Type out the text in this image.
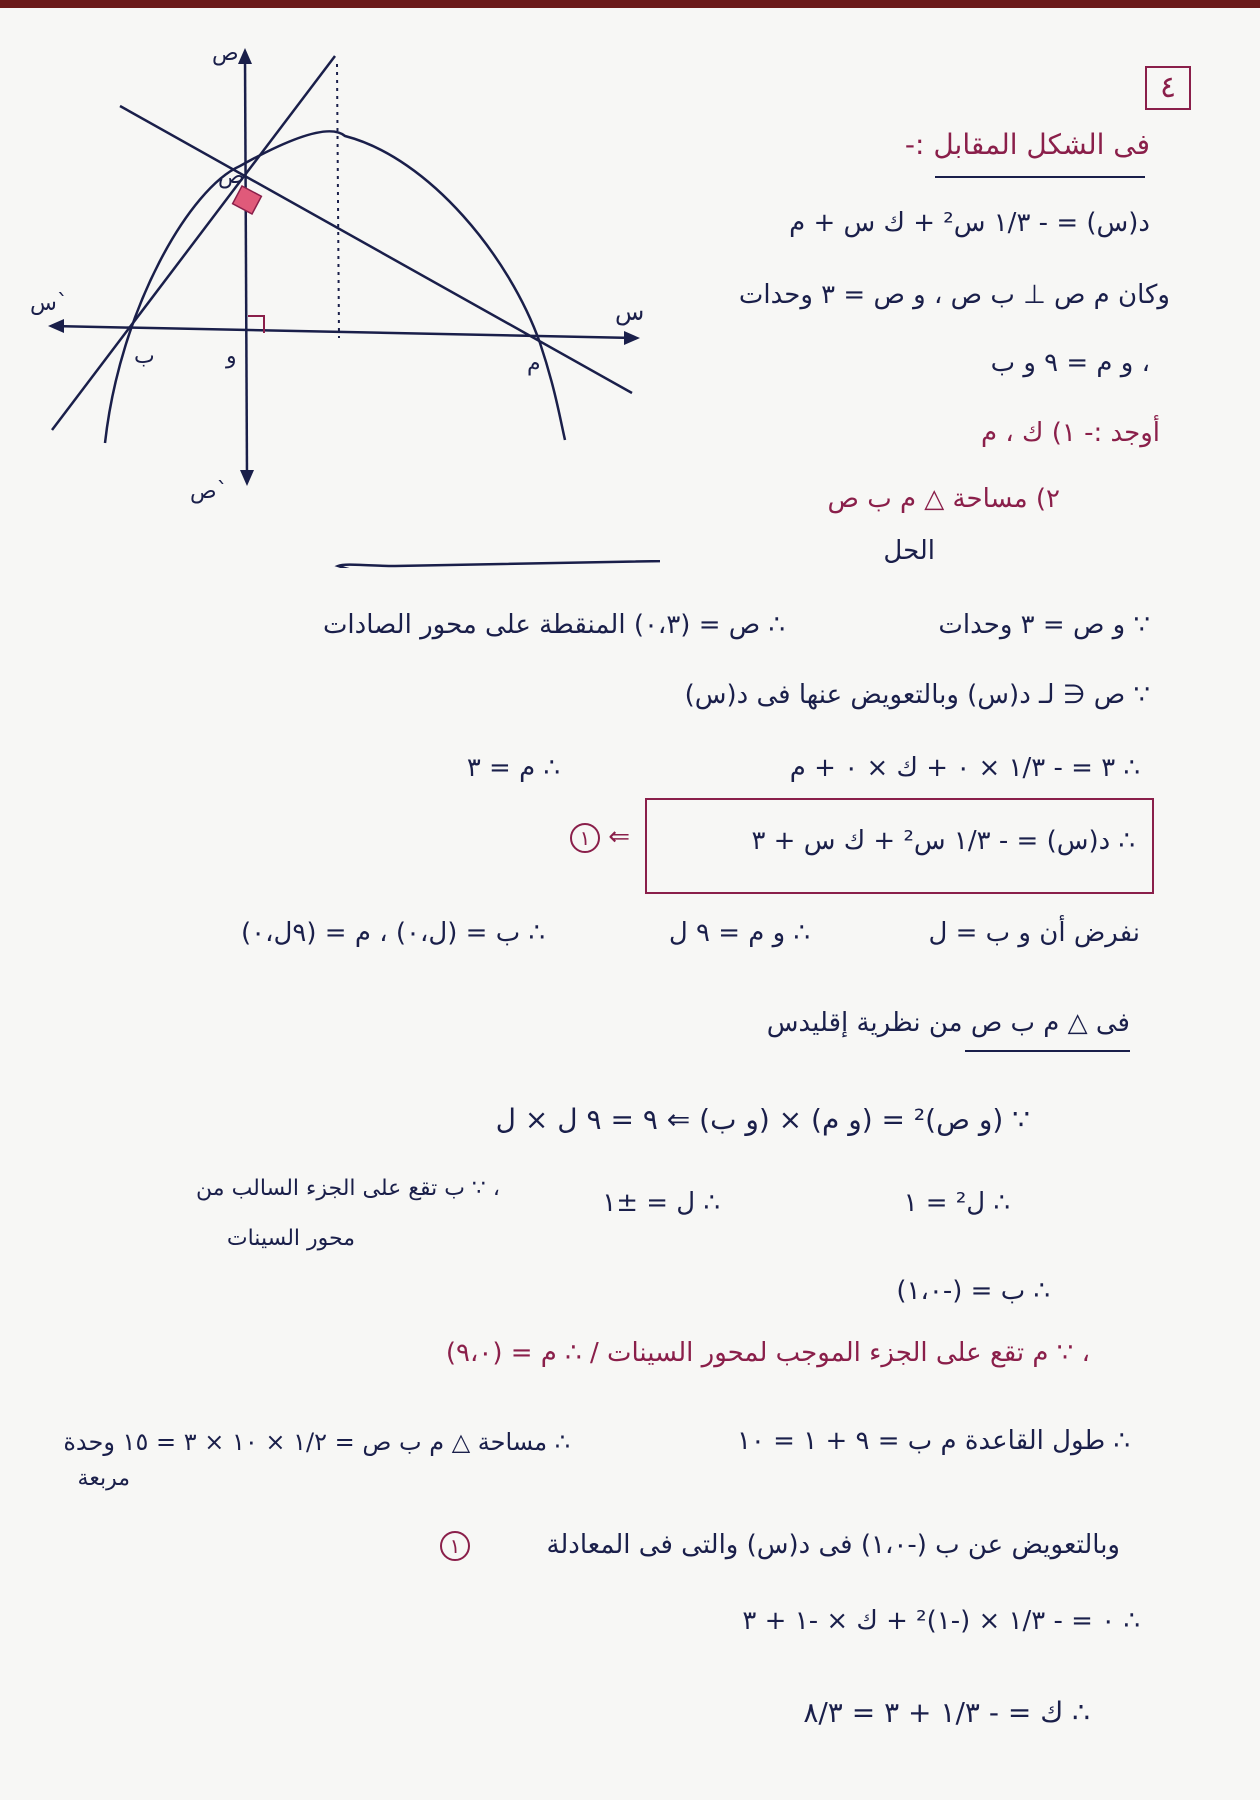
ص
ص`
س
س`
ص
ب	و	م
٤
فى الشكل المقابل :-
د(س) = - ١/٣ س² + ك س + م
وكان م ص ⊥ ب ص ، و ص = ٣ وحدات
، و م = ٩ و ب
أوجد :- ١) ك ، م
٢) مساحة △ م ب ص
الحل
∵ و ص = ٣ وحدات
∴ ص = (٠،٣) المنقطة على محور الصادات
∵ ص ∈ لـ د(س) وبالتعويض عنها فى د(س)
∴ ٣ = - ١/٣ × ٠ + ك × ٠ + م
∴ م = ٣
∴ د(س) = - ١/٣ س² + ك س + ٣
⇐ ١
نفرض أن و ب = ل
∴ و م = ٩ ل
∴ ب = (ل،٠) ، م = (٩ل،٠)
فى △ م ب ص من نظرية إقليدس
∵ (و ص)² = (و م) × (و ب) ⇐ ٩ = ٩ ل × ل
∴ ل² = ١
∴ ل = ±١
، ∵ ب تقع على الجزء السالب من
محور السينات
∴ ب = (-١،٠)
، ∵ م تقع على الجزء الموجب لمحور السينات / ∴ م = (٩،٠)
∴ طول القاعدة م ب = ٩ + ١ = ١٠
∴ مساحة △ م ب ص = ١/٢ × ١٠ × ٣ = ١٥ وحدة
مربعة
وبالتعويض عن ب (-١،٠) فى د(س) والتى فى المعادلة
١
∴ ٠ = - ١/٣ × (-١)² + ك × -١ + ٣
∴ ك = - ١/٣ + ٣ = ٨/٣
